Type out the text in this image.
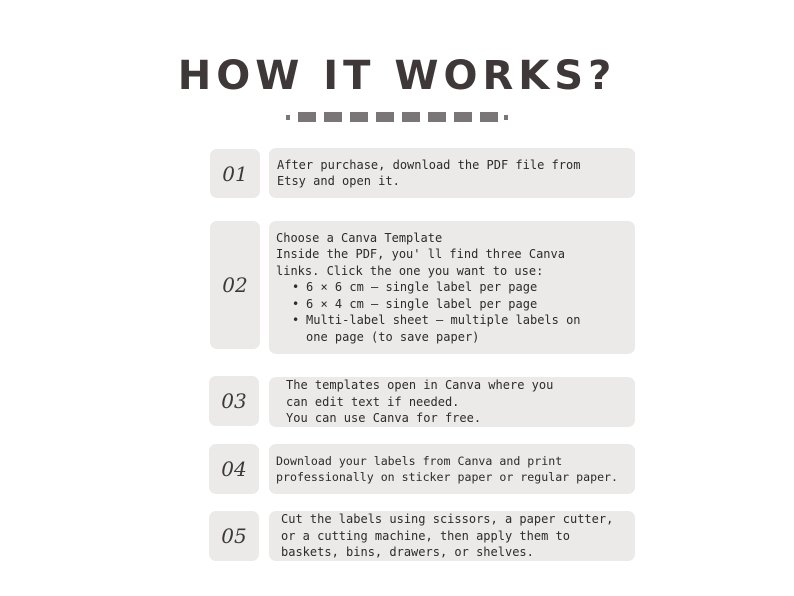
HOW IT WORKS?
01 After purchase, download the PDF file from
Etsy and open it.

02

Choose a Canva Template

Inside the PDF, you' ll find three Canva
links. Click the one you want to use:

• 6 × 6 cm – single label per page
• 6 × 4 cm – single label per page
• Multi-label sheet – multiple labels on
one page (to save paper)
03

The templates open in Canva where you
can edit text if needed.
You can use Canva for free.

04	Download your labels from Canva and print
professionally on sticker paper or regular paper.

05

Cut the labels using scissors, a paper cutter,
or a cutting machine, then apply them to
baskets, bins, drawers, or shelves.
